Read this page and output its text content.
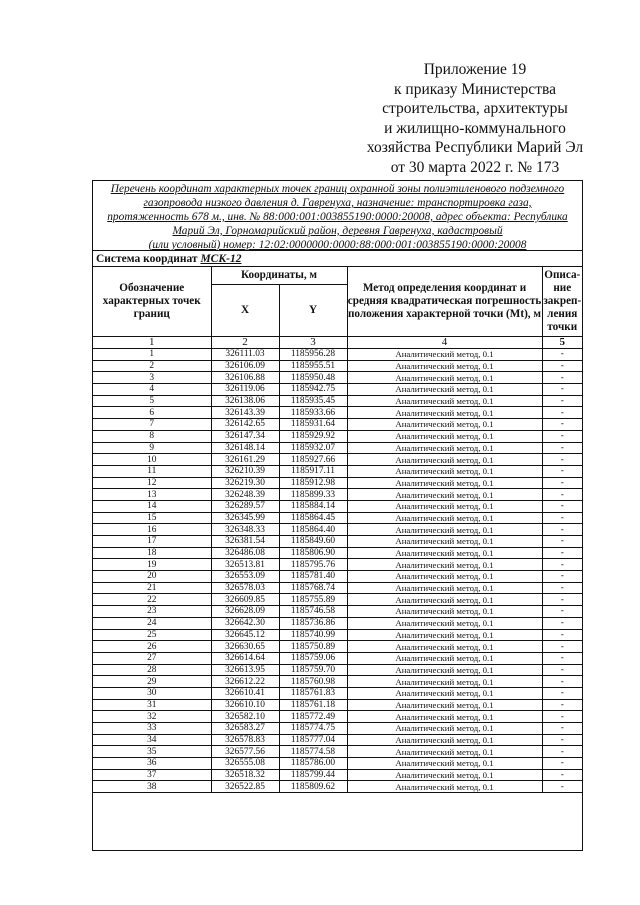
Приложение 19
к приказу Министерства
строительства, архитектуры
и жилищно-коммунального
хозяйства Республики Марий Эл
от 30 марта 2022 г. № 173
Перечень координат характерных точек границ охранной зоны полиэтиленового подземного
газопровода низкого давления д. Гавренуха, назначение: транспортировка газа,
протяженность 678 м., инв. № 88:000:001:003855190:0000:20008, адрес объекта: Республика
Марий Эл, Горномарийский район, деревня Гавренуха, кадастровый
(или условный) номер: 12:02:0000000:0000:88:000:001:003855190:0000:20008
Система координат МСК-12				
Обозначение характерных точек границ	Координаты, м		Метод определения координат и средняя квадратическая погрешность положения характерной точки (Mt), м	Описа-ние закреп-ления точки
	X	Y		
1	2	3	4	5
1	326111.03	1185956.28	Аналитический метод, 0.1	-
2	326106.09	1185955.51	Аналитический метод, 0.1	-
3	326106.88	1185950.48	Аналитический метод, 0.1	-
4	326119.06	1185942.75	Аналитический метод, 0.1	-
5	326138.06	1185935.45	Аналитический метод, 0.1	-
6	326143.39	1185933.66	Аналитический метод, 0.1	-
7	326142.65	1185931.64	Аналитический метод, 0.1	-
8	326147.34	1185929.92	Аналитический метод, 0.1	-
9	326148.14	1185932.07	Аналитический метод, 0.1	-
10	326161.29	1185927.66	Аналитический метод, 0.1	-
11	326210.39	1185917.11	Аналитический метод, 0.1	-
12	326219.30	1185912.98	Аналитический метод, 0.1	-
13	326248.39	1185899.33	Аналитический метод, 0.1	-
14	326289.57	1185884.14	Аналитический метод, 0.1	-
15	326345.99	1185864.45	Аналитический метод, 0.1	-
16	326348.33	1185864.40	Аналитический метод, 0.1	-
17	326381.54	1185849.60	Аналитический метод, 0.1	-
18	326486.08	1185806.90	Аналитический метод, 0.1	-
19	326513.81	1185795.76	Аналитический метод, 0.1	-
20	326553.09	1185781.40	Аналитический метод, 0.1	-
21	326578.03	1185768.74	Аналитический метод, 0.1	-
22	326609.85	1185755.89	Аналитический метод, 0.1	-
23	326628.09	1185746.58	Аналитический метод, 0.1	-
24	326642.30	1185736.86	Аналитический метод, 0.1	-
25	326645.12	1185740.99	Аналитический метод, 0.1	-
26	326630.65	1185750.89	Аналитический метод, 0.1	-
27	326614.64	1185759.06	Аналитический метод, 0.1	-
28	326613.95	1185759.70	Аналитический метод, 0.1	-
29	326612.22	1185760.98	Аналитический метод, 0.1	-
30	326610.41	1185761.83	Аналитический метод, 0.1	-
31	326610.10	1185761.18	Аналитический метод, 0.1	-
32	326582.10	1185772.49	Аналитический метод, 0.1	-
33	326583.27	1185774.75	Аналитический метод, 0.1	-
34	326578.83	1185777.04	Аналитический метод, 0.1	-
35	326577.56	1185774.58	Аналитический метод, 0.1	-
36	326555.08	1185786.00	Аналитический метод, 0.1	-
37	326518.32	1185799.44	Аналитический метод, 0.1	-
38	326522.85	1185809.62	Аналитический метод, 0.1	-
